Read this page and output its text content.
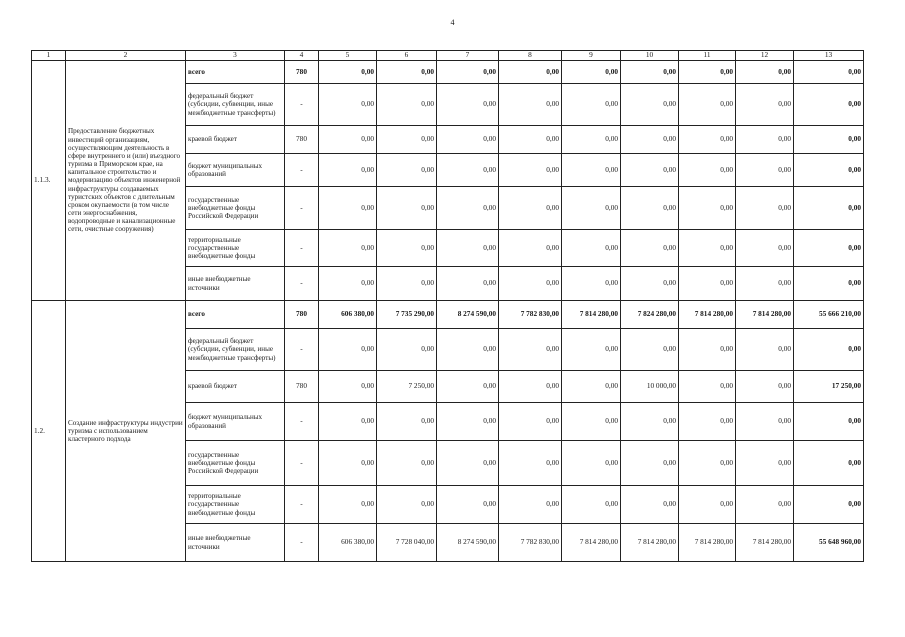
4
1	2	3	4	5	6	7	8	9	10	11	12	13
1.1.3.	Предоставление бюджетных инвестиций организациям, осуществляющим деятельность в сфере внутреннего и (или) въездного туризма в Приморском крае, на капитальное строительство и модернизацию объектов инженерной инфраструктуры создаваемых туристских объектов с длительным сроком окупаемости (в том числе сети энергоснабжения, водопроводные и канализационные сети, очистные сооружения)	всего	780	0,00	0,00	0,00	0,00	0,00	0,00	0,00	0,00	0,00
		федеральный бюджет (субсидии, субвенции, иные межбюджетные трансферты)	-	0,00	0,00	0,00	0,00	0,00	0,00	0,00	0,00	0,00
		краевой бюджет	780	0,00	0,00	0,00	0,00	0,00	0,00	0,00	0,00	0,00
		бюджет муниципальных образований	-	0,00	0,00	0,00	0,00	0,00	0,00	0,00	0,00	0,00
		государственные внебюджетные фонды Российской Федерации	-	0,00	0,00	0,00	0,00	0,00	0,00	0,00	0,00	0,00
		территориальные государственные внебюджетные фонды	-	0,00	0,00	0,00	0,00	0,00	0,00	0,00	0,00	0,00
		иные внебюджетные источники	-	0,00	0,00	0,00	0,00	0,00	0,00	0,00	0,00	0,00
1.2.	Создание инфраструктуры индустрии туризма с использованием кластерного подхода	всего	780	606 380,00	7 735 290,00	8 274 590,00	7 782 830,00	7 814 280,00	7 824 280,00	7 814 280,00	7 814 280,00	55 666 210,00
		федеральный бюджет (субсидии, субвенции, иные межбюджетные трансферты)	-	0,00	0,00	0,00	0,00	0,00	0,00	0,00	0,00	0,00
		краевой бюджет	780	0,00	7 250,00	0,00	0,00	0,00	10 000,00	0,00	0,00	17 250,00
		бюджет муниципальных образований	-	0,00	0,00	0,00	0,00	0,00	0,00	0,00	0,00	0,00
		государственные внебюджетные фонды Российской Федерации	-	0,00	0,00	0,00	0,00	0,00	0,00	0,00	0,00	0,00
		территориальные государственные внебюджетные фонды	-	0,00	0,00	0,00	0,00	0,00	0,00	0,00	0,00	0,00
		иные внебюджетные источники	-	606 380,00	7 728 040,00	8 274 590,00	7 782 830,00	7 814 280,00	7 814 280,00	7 814 280,00	7 814 280,00	55 648 960,00
